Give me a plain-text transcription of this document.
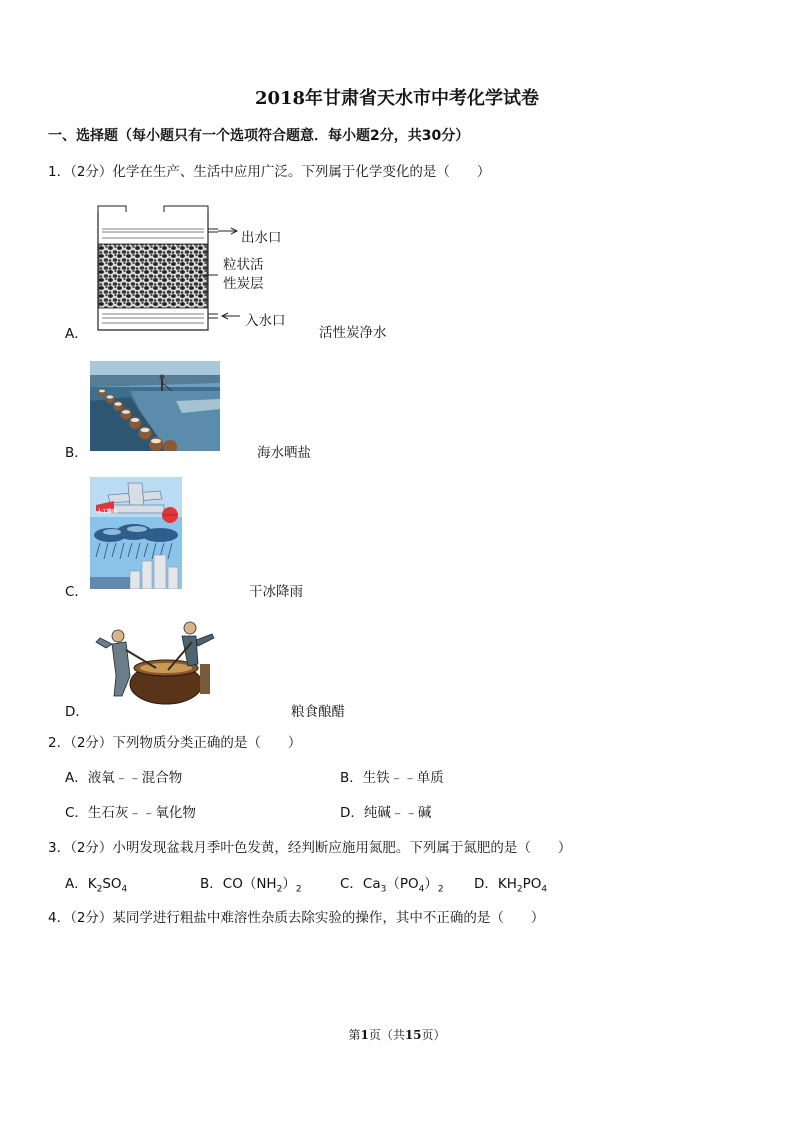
2018年甘肃省天水市中考化学试卷
一、选择题（每小题只有一个选项符合题意．每小题2分，共30分）
1．（2分）化学在生产、生活中应用广泛。下列属于化学变化的是（　　）
出水口
粒状活
性炭层
入水口
A．	活性炭净水
B．	海水晒盐
人工降雨
C．	干冰降雨
D．	粮食酿醋
2．（2分）下列物质分类正确的是（　　）
A．液氧﹣﹣混合物	B．生铁﹣﹣单质
C．生石灰﹣﹣氧化物	D．纯碱﹣﹣碱
3．（2分）小明发现盆栽月季叶色发黄，经判断应施用氮肥。下列属于氮肥的是（　　）
A．$K_2SO_4$	B．$CO(NH_2)_2$	C．$Ca_3(PO_4)_2$ D．$KH_2PO_4$
4．（2分）某同学进行粗盐中难溶性杂质去除实验的操作，其中不正确的是（　　）
第1页（共15页）
